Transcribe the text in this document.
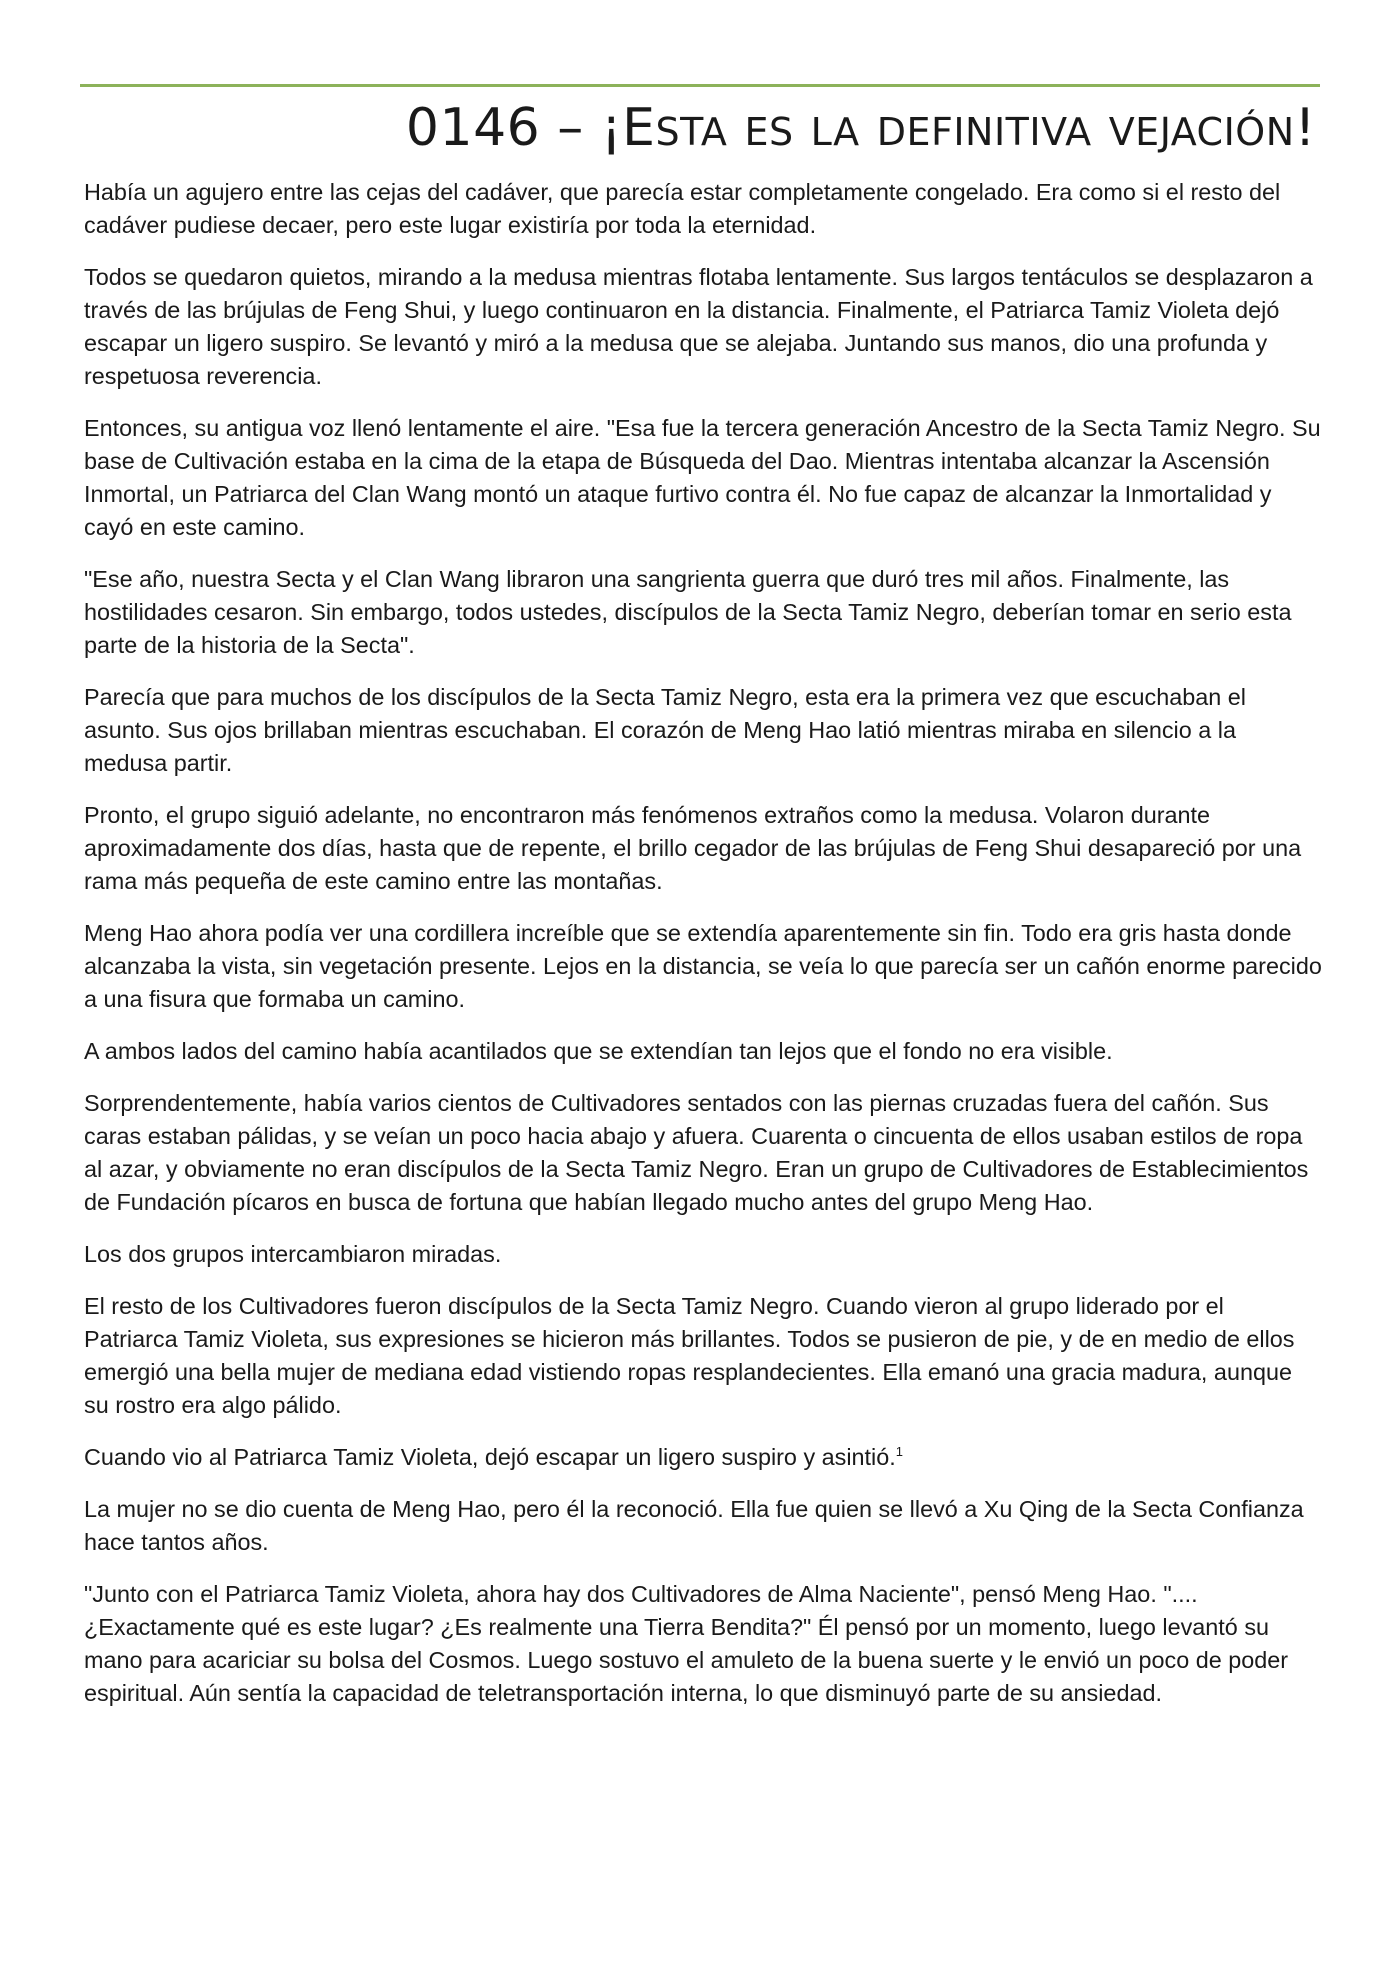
0146 – ¡ESTA ES LA DEFINITIVA VEJACIÓN!

Había un agujero entre las cejas del cadáver, que parecía estar completamente congelado. Era como si el resto del cadáver pudiese decaer, pero este lugar existiría por toda la eternidad.

Todos se quedaron quietos, mirando a la medusa mientras flotaba lentamente. Sus largos tentáculos se desplazaron a través de las brújulas de Feng Shui, y luego continuaron en la distancia. Finalmente, el Patriarca Tamiz Violeta dejó escapar un ligero suspiro. Se levantó y miró a la medusa que se alejaba. Juntando sus manos, dio una profunda y respetuosa reverencia.

Entonces, su antigua voz llenó lentamente el aire. "Esa fue la tercera generación Ancestro de la Secta Tamiz Negro. Su base de Cultivación estaba en la cima de la etapa de Búsqueda del Dao. Mientras intentaba alcanzar la Ascensión Inmortal, un Patriarca del Clan Wang montó un ataque furtivo contra él. No fue capaz de alcanzar la Inmortalidad y cayó en este camino.

"Ese año, nuestra Secta y el Clan Wang libraron una sangrienta guerra que duró tres mil años. Finalmente, las hostilidades cesaron. Sin embargo, todos ustedes, discípulos de la Secta Tamiz Negro, deberían tomar en serio esta parte de la historia de la Secta".

Parecía que para muchos de los discípulos de la Secta Tamiz Negro, esta era la primera vez que escuchaban el asunto. Sus ojos brillaban mientras escuchaban. El corazón de Meng Hao latió mientras miraba en silencio a la medusa partir.

Pronto, el grupo siguió adelante, no encontraron más fenómenos extraños como la medusa. Volaron durante aproximadamente dos días, hasta que de repente, el brillo cegador de las brújulas de Feng Shui desapareció por una rama más pequeña de este camino entre las montañas.

Meng Hao ahora podía ver una cordillera increíble que se extendía aparentemente sin fin. Todo era gris hasta donde alcanzaba la vista, sin vegetación presente. Lejos en la distancia, se veía lo que parecía ser un cañón enorme parecido a una fisura que formaba un camino.

A ambos lados del camino había acantilados que se extendían tan lejos que el fondo no era visible.

Sorprendentemente, había varios cientos de Cultivadores sentados con las piernas cruzadas fuera del cañón. Sus caras estaban pálidas, y se veían un poco hacia abajo y afuera. Cuarenta o cincuenta de ellos usaban estilos de ropa al azar, y obviamente no eran discípulos de la Secta Tamiz Negro. Eran un grupo de Cultivadores de Establecimientos de Fundación pícaros en busca de fortuna que habían llegado mucho antes del grupo Meng Hao.

Los dos grupos intercambiaron miradas.

El resto de los Cultivadores fueron discípulos de la Secta Tamiz Negro. Cuando vieron al grupo liderado por el Patriarca Tamiz Violeta, sus expresiones se hicieron más brillantes. Todos se pusieron de pie, y de en medio de ellos emergió una bella mujer de mediana edad vistiendo ropas resplandecientes. Ella emanó una gracia madura, aunque su rostro era algo pálido.

Cuando vio al Patriarca Tamiz Violeta, dejó escapar un ligero suspiro y asintió.$^1$

La mujer no se dio cuenta de Meng Hao, pero él la reconoció. Ella fue quien se llevó a Xu Qing de la Secta Confianza hace tantos años.

"Junto con el Patriarca Tamiz Violeta, ahora hay dos Cultivadores de Alma Naciente", pensó Meng Hao. "....¿Exactamente qué es este lugar? ¿Es realmente una Tierra Bendita?" Él pensó por un momento, luego levantó su mano para acariciar su bolsa del Cosmos. Luego sostuvo el amuleto de la buena suerte y le envió un poco de poder espiritual. Aún sentía la capacidad de teletransportación interna, lo que disminuyó parte de su ansiedad.
